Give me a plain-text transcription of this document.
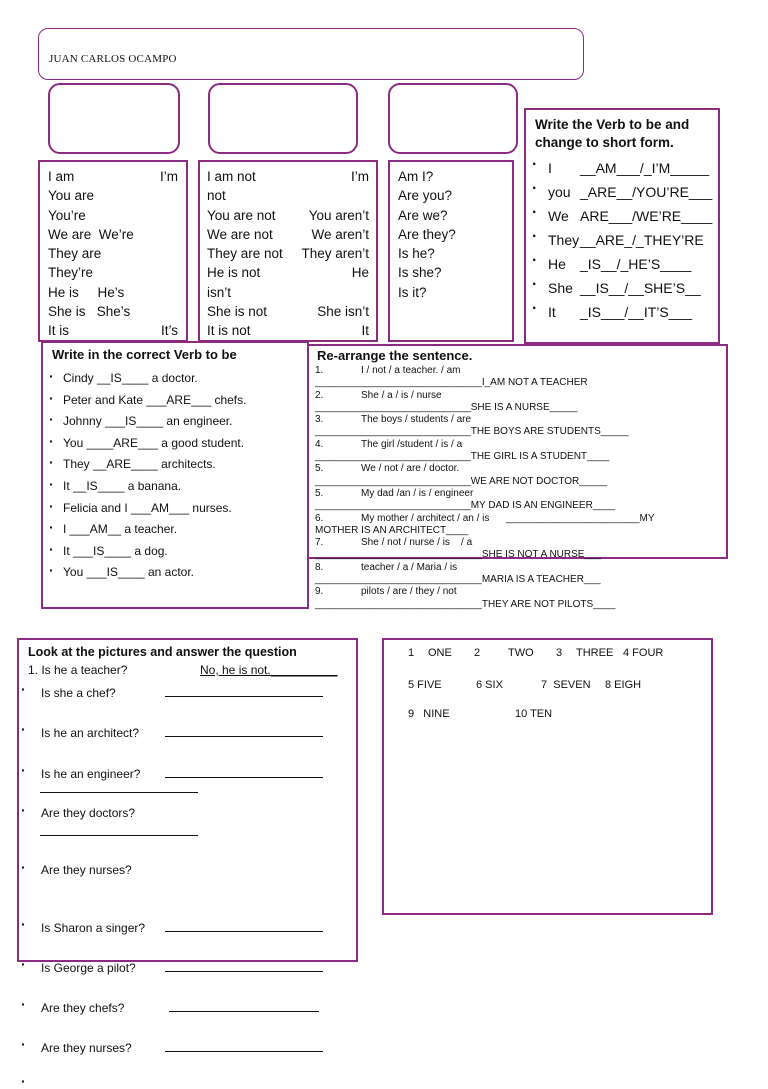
JUAN CARLOS OCAMPO
I am	I’m
You are
You’re
We are  We’re
They are
They’re
He is     He’s
She is   She’s
It is	It’s
I am not	I’m
not
You are not You aren’t
We are not	We aren’t
They are not They aren’t
He is not	He
isn’t
She is not	She isn’t
It is not	It
Am I?
Are you?
Are we?
Are they?
Is he?
Is she?
Is it?
Write the Verb to be and
change to short form.
· I __AM___/_I’M_____
· you _ARE__/YOU’RE___
· We ARE___/WE’RE____
· They__ARE_/_THEY’RE
· He _IS__/_HE’S____
· She __IS__/__SHE’S__
· It _IS___/__IT’S___
Write in the correct Verb to be
· Cindy __IS____ a doctor.
· Peter and Kate ___ARE___ chefs.
· Johnny ___IS____ an engineer.
· You ____ARE___ a good student.
· They __ARE____ architects.
· It __IS____ a banana.
· Felicia and I ___AM___ nurses.
· I ___AM__ a teacher.
· It ___IS____ a dog.
· You ___IS____ an actor.
Re-arrange the sentence.
1.	I / not / a teacher. / am
______________________________I_AM NOT A TEACHER
2.	She / a / is / nurse
____________________________SHE IS A NURSE_____
3.	The boys / students / are
____________________________THE BOYS ARE STUDENTS_____
4.	The girl /student / is / a
____________________________THE GIRL IS A STUDENT____
5.	We / not / are / doctor.
____________________________WE ARE NOT DOCTOR_____
5.	My dad /an / is / engineer
____________________________MY DAD IS AN ENGINEER____
6.	My mother / architect / an / is ________________________MY
MOTHER IS AN ARCHITECT____
7.	She / not / nurse / is    / a
______________________________SHE IS NOT A NURSE___
8.	teacher / a / Maria / is
______________________________MARIA IS A TEACHER___
9.	pilots / are / they / not
______________________________THEY ARE NOT PILOTS____
Look at the pictures and answer the question
1. Is he a teacher?	No, he is not.__________
· Is she a chef?
· Is he an architect?
· Is he an engineer?
· Are they doctors?
· Are they nurses?
· Is Sharon a singer?
· Is George a pilot?
· Are they chefs?
· Are they nurses?
1 ONE 2	TWO 3 THREE 4 FOUR
5 FIVE	6 SIX	7  SEVEN 8 EIGH
9   NINE	10 TEN
